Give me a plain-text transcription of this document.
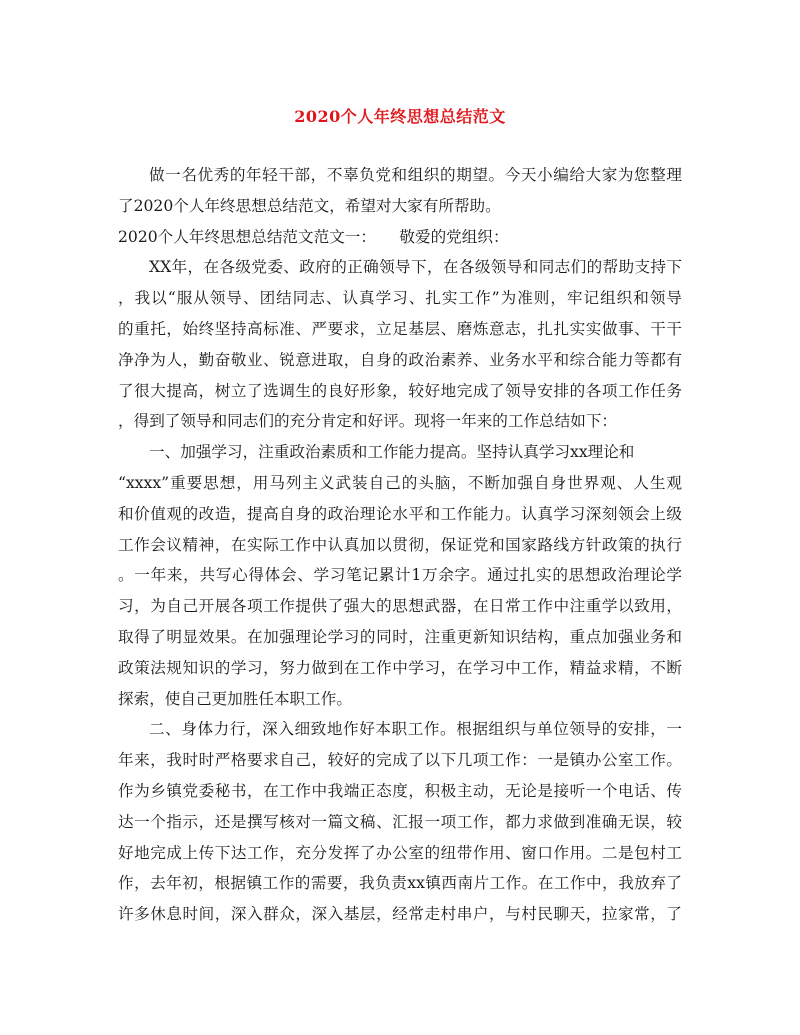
2020个人年终思想总结范文
做一名优秀的年轻干部，不辜负党和组织的期望。今天小编给大家为您整理
了2020个人年终思想总结范文，希望对大家有所帮助。
2020个人年终思想总结范文范文一：　　敬爱的党组织：
XX年，在各级党委、政府的正确领导下，在各级领导和同志们的帮助支持下
，我以“服从领导、团结同志、认真学习、扎实工作”为准则，牢记组织和领导
的重托，始终坚持高标准、严要求，立足基层、磨炼意志，扎扎实实做事、干干
净净为人，勤奋敬业、锐意进取，自身的政治素养、业务水平和综合能力等都有
了很大提高，树立了选调生的良好形象，较好地完成了领导安排的各项工作任务
，得到了领导和同志们的充分肯定和好评。现将一年来的工作总结如下：
一、加强学习，注重政治素质和工作能力提高。坚持认真学习xx理论和
“xxxx”重要思想，用马列主义武装自己的头脑，不断加强自身世界观、人生观
和价值观的改造，提高自身的政治理论水平和工作能力。认真学习深刻领会上级
工作会议精神，在实际工作中认真加以贯彻，保证党和国家路线方针政策的执行
。一年来，共写心得体会、学习笔记累计1万余字。通过扎实的思想政治理论学
习，为自己开展各项工作提供了强大的思想武器，在日常工作中注重学以致用，
取得了明显效果。在加强理论学习的同时，注重更新知识结构，重点加强业务和
政策法规知识的学习，努力做到在工作中学习，在学习中工作，精益求精，不断
探索，使自己更加胜任本职工作。
二、身体力行，深入细致地作好本职工作。根据组织与单位领导的安排，一
年来，我时时严格要求自己，较好的完成了以下几项工作：一是镇办公室工作。
作为乡镇党委秘书，在工作中我端正态度，积极主动，无论是接听一个电话、传
达一个指示，还是撰写核对一篇文稿、汇报一项工作，都力求做到准确无误，较
好地完成上传下达工作，充分发挥了办公室的纽带作用、窗口作用。二是包村工
作，去年初，根据镇工作的需要，我负责xx镇西南片工作。在工作中，我放弃了
许多休息时间，深入群众，深入基层，经常走村串户，与村民聊天，拉家常，了
